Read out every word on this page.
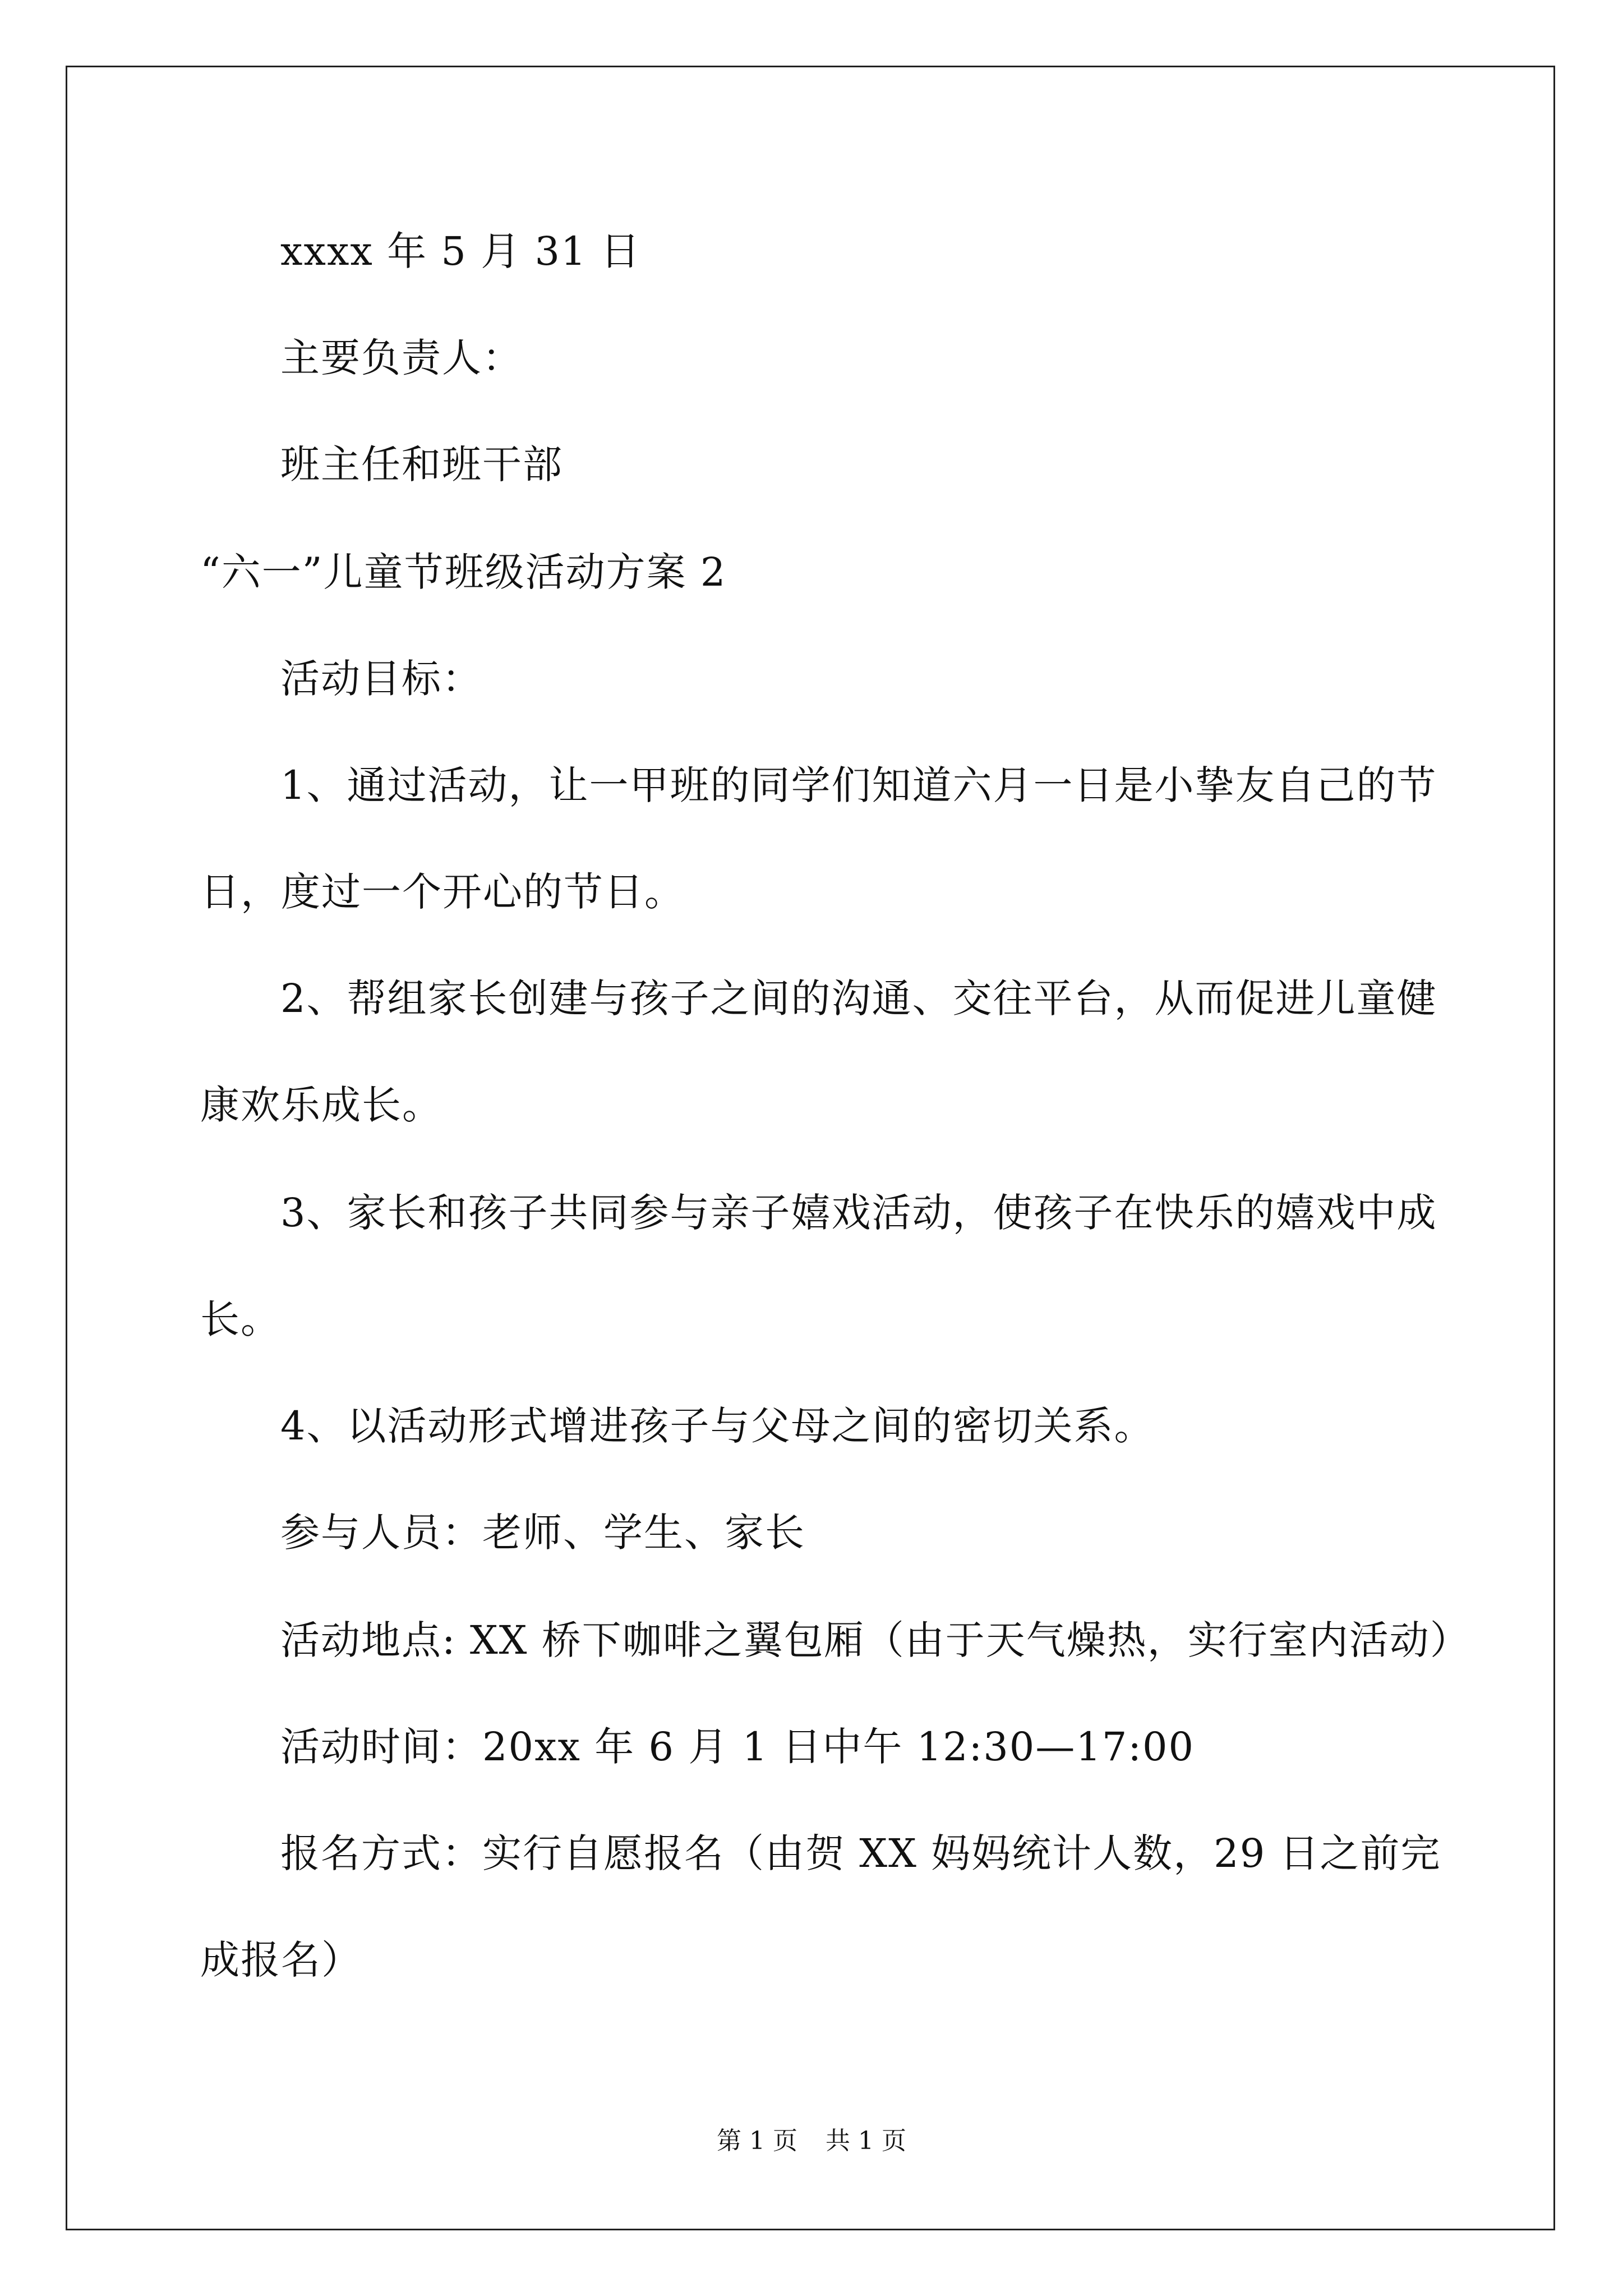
xxxx 年 5 月 31 日
主要负责人：
班主任和班干部
“六一”儿童节班级活动方案 2
活动目标：
1、通过活动，让一甲班的同学们知道六月一日是小挚友自己的节
日，度过一个开心的节日。
2、帮组家长创建与孩子之间的沟通、交往平台，从而促进儿童健
康欢乐成长。
3、家长和孩子共同参与亲子嬉戏活动，使孩子在快乐的嬉戏中成
长。
4、以活动形式增进孩子与父母之间的密切关系。
参与人员：老师、学生、家长
活动地点: XX 桥下咖啡之翼包厢（由于天气燥热，实行室内活动）
活动时间：20xx 年 6 月 1 日中午 12:30—17:00
报名方式：实行自愿报名（由贺 XX 妈妈统计人数，29 日之前完
成报名）
第 1 页 共 1 页
